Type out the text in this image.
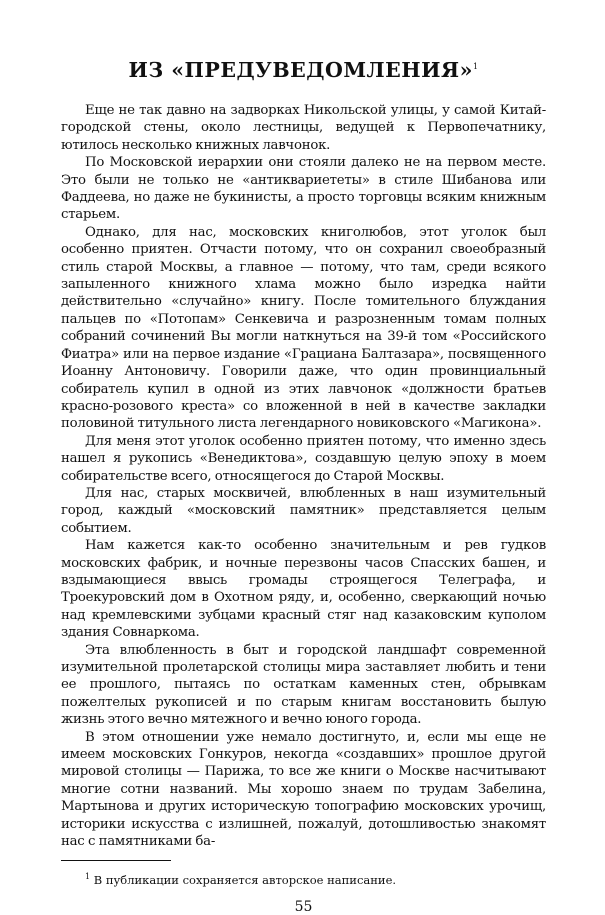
ИЗ «ПРЕДУВЕДОМЛЕНИЯ»$^1$

Еще не так давно на задворках Никольской улицы, у самой Китай-городской стены, около лестницы, ведущей к Первопечатнику, ютилось несколько книжных лавчонок.

По Московской иерархии они стояли далеко не на первом месте. Это были не только не «антиквариететы» в стиле Шибанова или Фаддеева, но даже не букинисты, а просто торговцы всяким книжным старьем.

Однако, для нас, московских книголюбов, этот уголок был особенно приятен. Отчасти потому, что он сохранил своеобразный стиль старой Москвы, а главное — потому, что там, среди всякого запыленного книжного хлама можно было изредка найти действительно «случайно» книгу. После томительного блуждания пальцев по «Потопам» Сенкевича и разрозненным томам полных собраний сочинений Вы могли наткнуться на 39-й том «Российского Фиатра» или на первое издание «Грациана Балтазара», посвященного Иоанну Антоновичу. Говорили даже, что один провинциальный собиратель купил в одной из этих лавчонок «должности братьев красно-розового креста» со вложенной в ней в качестве закладки половиной титульного листа легендарного новиковского «Магикона».

Для меня этот уголок особенно приятен потому, что именно здесь нашел я рукопись «Венедиктова», создавшую целую эпоху в моем собирательстве всего, относящегося до Старой Москвы.

Для нас, старых москвичей, влюбленных в наш изумительный город, каждый «московский памятник» представляется целым событием.

Нам кажется как-то особенно значительным и рев гудков московских фабрик, и ночные перезвоны часов Спасских башен, и вздымающиеся ввысь громады строящегося Телеграфа, и Троекуровский дом в Охотном ряду, и, особенно, сверкающий ночью над кремлевскими зубцами красный стяг над казаковским куполом здания Совнаркома.

Эта влюбленность в быт и городской ландшафт современной изумительной пролетарской столицы мира заставляет любить и тени ее прошлого, пытаясь по остаткам каменных стен, обрывкам пожелтелых рукописей и по старым книгам восстановить былую жизнь этого вечно мятежного и вечно юного города.

В этом отношении уже немало достигнуто, и, если мы еще не имеем московских Гонкуров, некогда «создавших» прошлое другой мировой столицы — Парижа, то все же книги о Москве насчитывают многие сотни названий. Мы хорошо знаем по трудам Забелина, Мартынова и других историческую топографию московских урочищ, историки искусства с излишней, пожалуй, дотошливостью знакомят нас с памятниками ба-

$^1$ В публикации сохраняется авторское написание.

55
